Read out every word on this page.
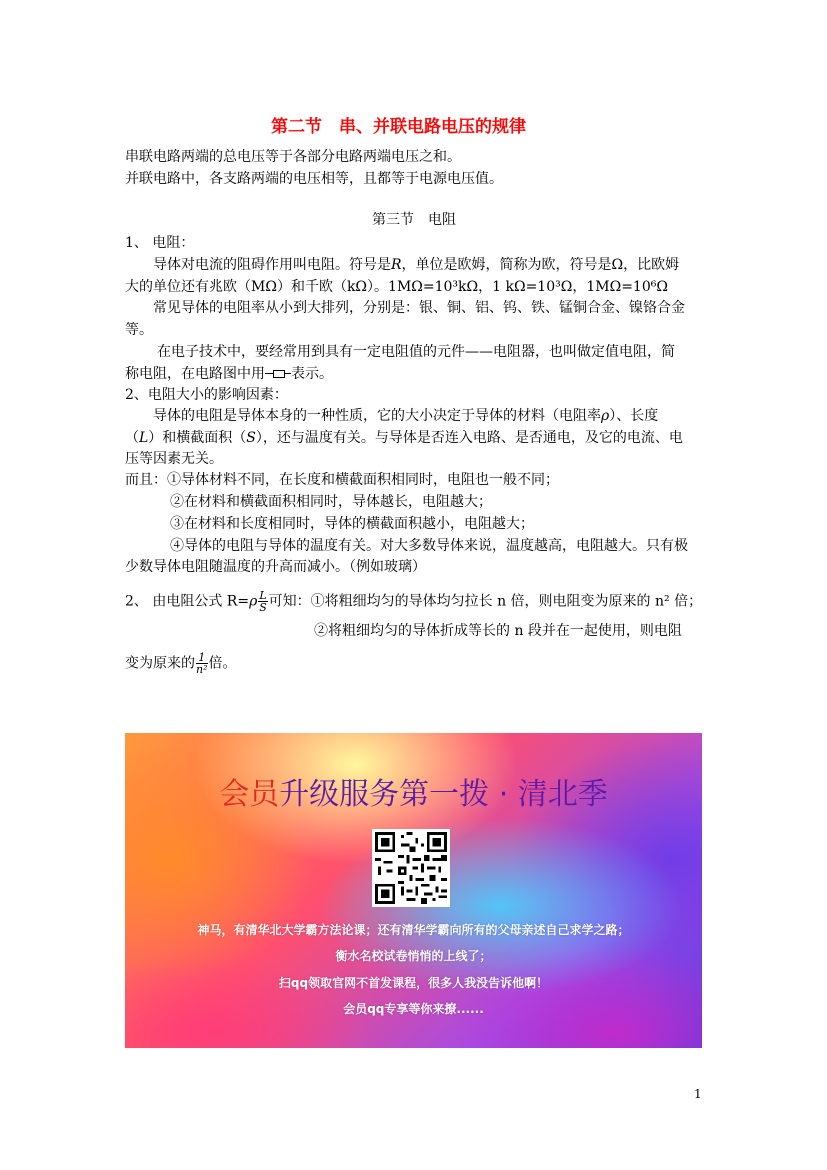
第二节　串、并联电路电压的规律
串联电路两端的总电压等于各部分电路两端电压之和。
并联电路中，各支路两端的电压相等，且都等于电源电压值。
第三节　电阻
1、 电阻：
导体对电流的阻碍作用叫电阻。符号是R，单位是欧姆，简称为欧，符号是Ω，比欧姆
大的单位还有兆欧（MΩ）和千欧（kΩ）。1MΩ=10³kΩ，1 kΩ=10³Ω，1MΩ=10⁶Ω
常见导体的电阻率从小到大排列，分别是：银、铜、铝、钨、铁、锰铜合金、镍铬合金
等。
在电子技术中，要经常用到具有一定电阻值的元件——电阻器，也叫做定值电阻，简
称电阻，在电路图中用 表示。
2、电阻大小的影响因素：
导体的电阻是导体本身的一种性质，它的大小决定于导体的材料（电阻率ρ）、长度
（L）和横截面积（S），还与温度有关。与导体是否连入电路、是否通电，及它的电流、电
压等因素无关。
而且：①导体材料不同，在长度和横截面积相同时，电阻也一般不同；
②在材料和横截面积相同时，导体越长，电阻越大；
③在材料和长度相同时，导体的横截面积越小，电阻越大；
④导体的电阻与导体的温度有关。对大多数导体来说，温度越高，电阻越大。只有极
少数导体电阻随温度的升高而减小。（例如玻璃）
2、 由电阻公式 $R=\rho \frac{L}{S}$ 可知：①将粗细均匀的导体均匀拉长 n 倍，则电阻变为原来的 n² 倍；
②将粗细均匀的导体折成等长的 n 段并在一起使用，则电阻
变为原来的 $\frac{1}{\text{n²}}$ 倍。
会员升级服务第一拨 · 清北季
神马，有清华北大学霸方法论课；还有清华学霸向所有的父母亲述自己求学之路；
衡水名校试卷悄悄的上线了；
扫qq领取官网不首发课程，很多人我没告诉他啊！
会员qq专享等你来撩......
1
